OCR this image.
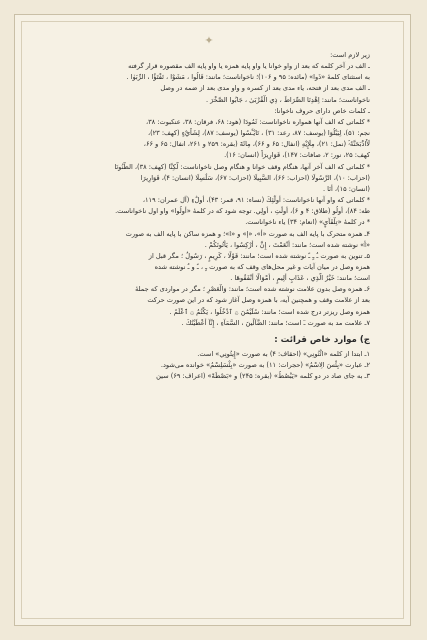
✦
زیر لازم است:
ـ الف در آخر کلمه که بعد از واو خوانا یا واو پایه همزه یا واو پایه الف مقصوره قرار گرفته
به استثنای کلمهٔ «ذَوا» (مائده: ۹۵ و ۱۰۶)؛ ناخواناست؛ مانند: قَالُوا ، مَشَوْا ، تَفْتَؤُا ، الرِّبَوٰا .
ـ الف مدی بعد از فتحه، یاء مدی بعد از کسره و واو مدی بعد از ضمه در وصل
ناخواناست؛ مانند: اِهْدِنَا الصِّرَاطَ ، ذِي الْقُرْبَىٰ ، جَابُوا الصَّخْرَ .
ـ کلمات خاص دارای حروف ناخوانا:
* کلماتی که الف آنها همواره ناخواناست: ثَمُودَا (هود: ۶۸، فرقان: ۳۸، عنکبوت: ۳۸،
نجم: ۵۱)، لِيَبْلُوَا (یوسف: ۸۷، رعد: ۳۱) ، تَايْـَٔسُوا (یوسف: ۸۷)، لِشَاْيْءٍ (کهف: ۲۳)،
لَأَاذْبَحَنَّهُۥٓ (نمل: ۲۱)، مِلَإِيْهِ (انفال: ۶۵ و ۶۶)، مِائَةَ (بقره: ۲۵۹ و ۲۶۱، انفال: ۶۵ و ۶۶،
کهف: ۲۵، نور: ۲، صافات: ۱۴۷)، قَوَارِيرَاْ (انسان: ۱۶).
* کلماتی که الف آخر آنها، هنگام وقف خوانا و هنگام وصل ناخواناست: لَّكِنَّا (کهف: ۳۸)، الظُّنُونَا
(احزاب: ۱۰)، الرَّسُولَا (احزاب: ۶۶)، السَّبِيلَا (احزاب: ۶۷)، سَلَٰسِلَا (انسان: ۴)، قَوَارِيرَا
(انسان: ۱۵)، أَنَا .
* کلماتی که واو آنها ناخواناست: أُولَٰٓئِكَ (نساء: ۹۱، قمر: ۴۳)، أُولَٰٓءِ (آل عمران: ۱۱۹،
طه: ۸۴)، أُولُو (طلاق: ۴ و ۶)، أُولَٰتِ ، أُولِي. توجه شود که در کلمهٔ «أُولُوا» واو اول ناخواناست.
* در کلمهٔ «تِلْقَآيِٕ» (انعام: ۳۴) یاء ناخواناست.
۴ـ همزه متحرک با پایه الف به صورت «أ»، «إ» و «ا»؛ و همزه ساکن با پایه الف به صورت
«أ» نوشته شده است؛ مانند: أَنْعَمْتَ ، إِنَّ ، أَرْكِسُوا ، يَأْتُونَكُمْ .
۵ـ تنوین به صورت ـٌ ـٍ ـً نوشته شده است؛ مانند: قَوْلًا ، كَرِيمٍ ، رَسُولٌ ؛ مگر قبل از
همزه وصل در میان آیات و غیر محل‌های وقف که به صورت ـٍ ، ـً و ـٌ نوشته شده
است؛ مانند: خَيْرٌ الَّذِي ، عَذَابٍ أَلِيمٍ ، أَمْوَالًا أَنْفَقُوهَا .
۶ـ همزه وصل بدون علامت نوشته شده است؛ مانند: وَالْعَصْرِ ؛ مگر در مواردی که جملهٔ
بعد از علامت وقف و همچنین آیه، با همزه وصل آغاز شود که در این صورت حرکت
همزه وصل ریزتر درج شده است؛ مانند: سُلَيْمَٰنَ ۞ ٱدْخُلُوا ، يَكْتُمُ ۞ ٱعْلَمُ .
۷ـ علامت مد به صورت ـٓ است؛ مانند: الضَّآلِّينَ ، السَّمَآءِ ، إِنَّآ أَعْطَيْنَٰكَ .
ج) موارد خاص قرائت :
۱ـ ابتدا از کلمه «ائْتُونِي» (احقاف: ۴) به صورت «إِيتُونِي» است.
۲ـ عبارت «بِئْسَ الِاسْمُ» (حجرات: ۱۱) به صورت «بِئْسَلِسْمُ» خوانده می‌شود.
۳ـ به جای صاد در دو کلمه «يَبْصُطُ» (بقره: ۲۴۵) و «بَصْطَةً» (اعراف: ۶۹) سین
